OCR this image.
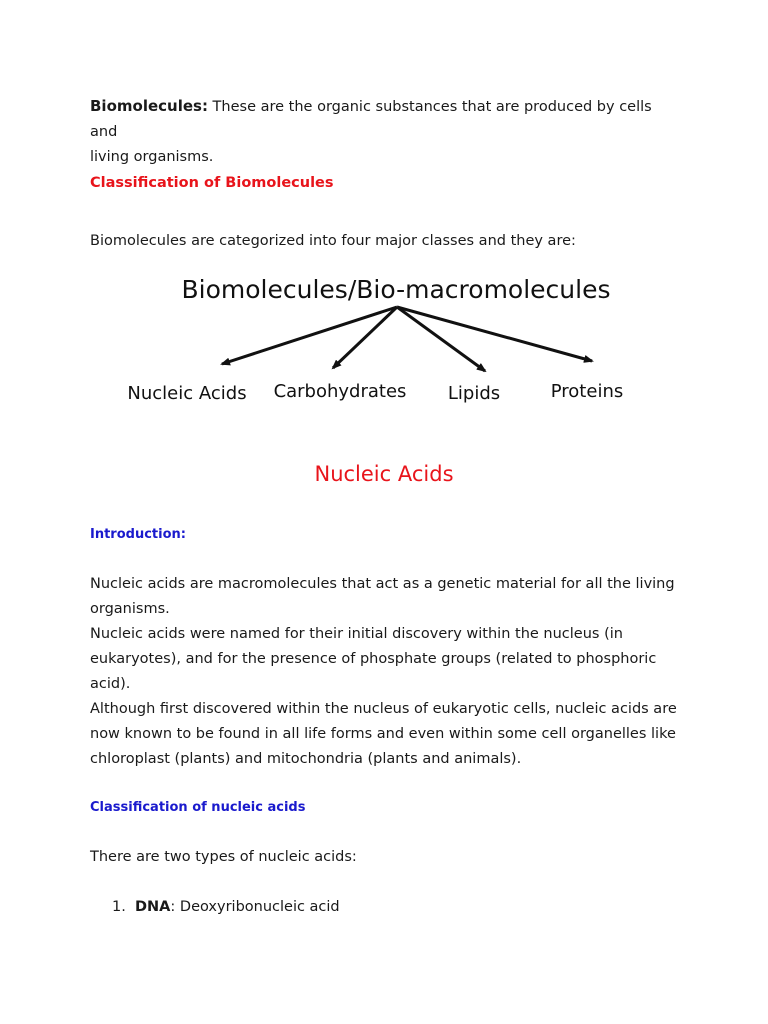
Biomolecules: These are the organic substances that are produced by cells and
living organisms.
Classification of Biomolecules
Biomolecules are categorized into four major classes and they are:
Biomolecules/Bio-macromolecules
Nucleic Acids Carbohydrates Lipids	Proteins
Nucleic Acids
Introduction:
Nucleic acids are macromolecules that act as a genetic material for all the living
organisms.
Nucleic acids were named for their initial discovery within the nucleus (in
eukaryotes), and for the presence of phosphate groups (related to phosphoric
acid).
Although first discovered within the nucleus of eukaryotic cells, nucleic acids are
now known to be found in all life forms and even within some cell organelles like
chloroplast (plants) and mitochondria (plants and animals).
Classification of nucleic acids
There are two types of nucleic acids:
1. DNA: Deoxyribonucleic acid
